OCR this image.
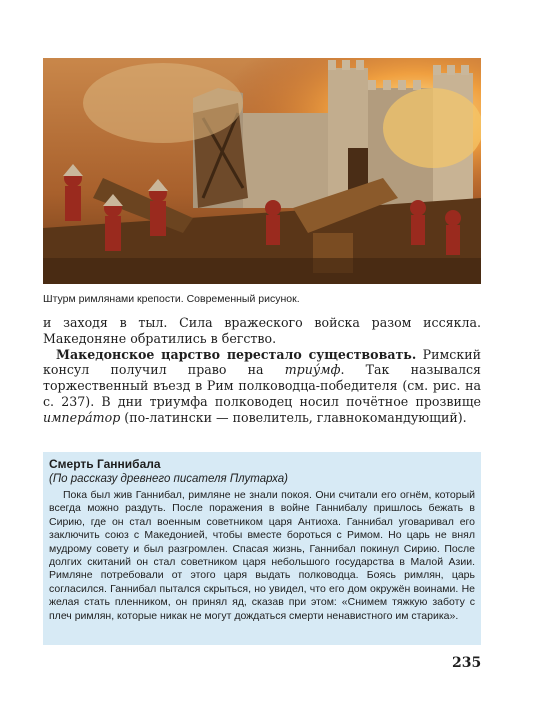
Штурм римлянами крепости. Современный рисунок.

и заходя в тыл. Сила вражеского войска разом иссякла. Македоняне обратились в бегство.

Македонское царство перестало существовать. Римский консул получил право на триу́мф. Так назывался торжественный въезд в Рим полководца-победителя (см. рис. на с. 237). В дни триумфа полководец носил почётное прозвище импера́тор (по-латински — повелитель, главнокомандующий).

Смерть Ганнибала
(По рассказу древнего писателя Плутарха)

Пока был жив Ганнибал, римляне не знали покоя. Они считали его огнём, который всегда можно раздуть. После поражения в войне Ганнибалу пришлось бежать в Сирию, где он стал военным советником царя Антиоха. Ганнибал уговаривал его заключить союз с Македонией, чтобы вместе бороться с Римом. Но царь не внял мудрому совету и был разгромлен. Спасая жизнь, Ганнибал покинул Сирию. После долгих скитаний он стал советником царя небольшого государства в Малой Азии. Римляне потребовали от этого царя выдать полководца. Боясь римлян, царь согласился. Ганнибал пытался скрыться, но увидел, что его дом окружён воинами. Не желая стать пленником, он принял яд, сказав при этом: «Снимем тяжкую заботу с плеч римлян, которые никак не могут дождаться смерти ненавистного им старика».

235
